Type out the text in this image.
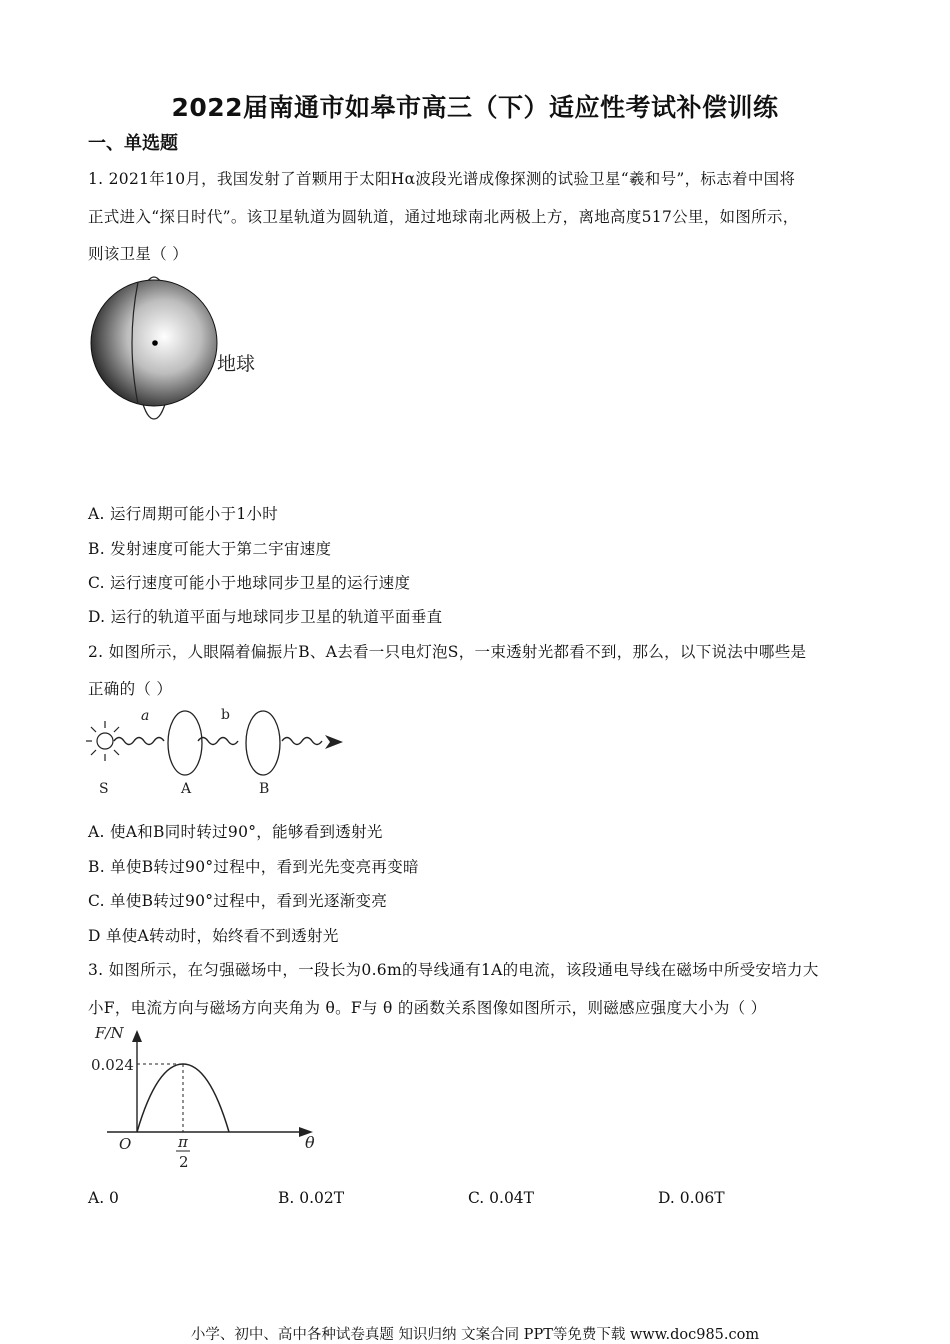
2022届南通市如皋市高三（下）适应性考试补偿训练
一、单选题
1. 2021年10月，我国发射了首颗用于太阳Hα波段光谱成像探测的试验卫星“羲和号”，标志着中国将
正式进入“探日时代”。该卫星轨道为圆轨道，通过地球南北两极上方，离地高度517公里，如图所示，
则该卫星（ ）
地球
A. 运行周期可能小于1小时
B. 发射速度可能大于第二宇宙速度
C. 运行速度可能小于地球同步卫星的运行速度
D. 运行的轨道平面与地球同步卫星的轨道平面垂直
2. 如图所示，人眼隔着偏振片B、A去看一只电灯泡S，一束透射光都看不到，那么，以下说法中哪些是
正确的（ ）
a	b
S	A	B
A. 使A和B同时转过90°，能够看到透射光
B. 单使B转过90°过程中，看到光先变亮再变暗
C. 单使B转过90°过程中，看到光逐渐变亮
D 单使A转动时，始终看不到透射光
3. 如图所示，在匀强磁场中，一段长为0.6m的导线通有1A的电流，该段通电导线在磁场中所受安培力大
小F，电流方向与磁场方向夹角为 θ。F与 θ 的函数关系图像如图所示，则磁感应强度大小为（ ）
F/N
0.024
O	π
2
θ
A. 0	B. 0.02T	C. 0.04T	D. 0.06T
小学、初中、高中各种试卷真题 知识归纳 文案合同 PPT等免费下载 www.doc985.com
